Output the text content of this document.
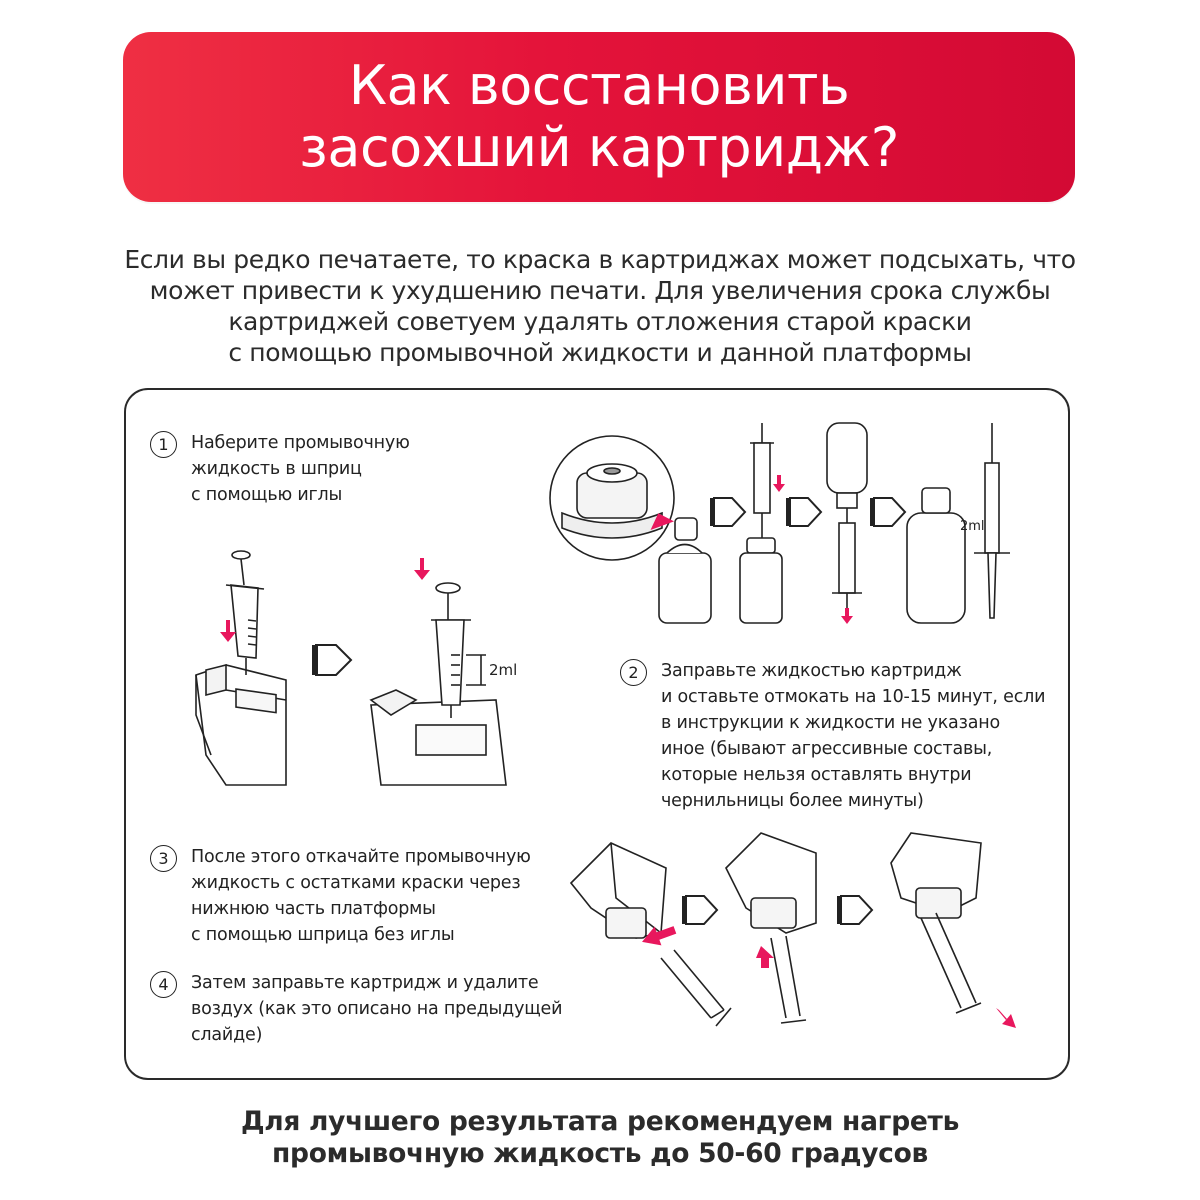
Как восстановить
засохший картридж?
Если вы редко печатаете, то краска в картриджах может подсыхать, что
может привести к ухудшению печати. Для увеличения срока службы
картриджей советуем удалять отложения старой краски
с помощью промывочной жидкости и данной платформы
1	Наберите промывочную
жидкость в шприц
с помощью иглы
2	Заправьте жидкостью картридж
и оставьте отмокать на 10-15 минут, если
в инструкции к жидкости не указано
иное (бывают агрессивные составы,
которые нельзя оставлять внутри
чернильницы более минуты)
3	После этого откачайте промывочную
жидкость с остатками краски через
нижнюю часть платформы
с помощью шприца без иглы
4	Затем заправьте картридж и удалите
воздух (как это описано на предыдущей
слайде)
2ml
2ml
Для лучшего результата рекомендуем нагреть
промывочную жидкость до 50-60 градусов
